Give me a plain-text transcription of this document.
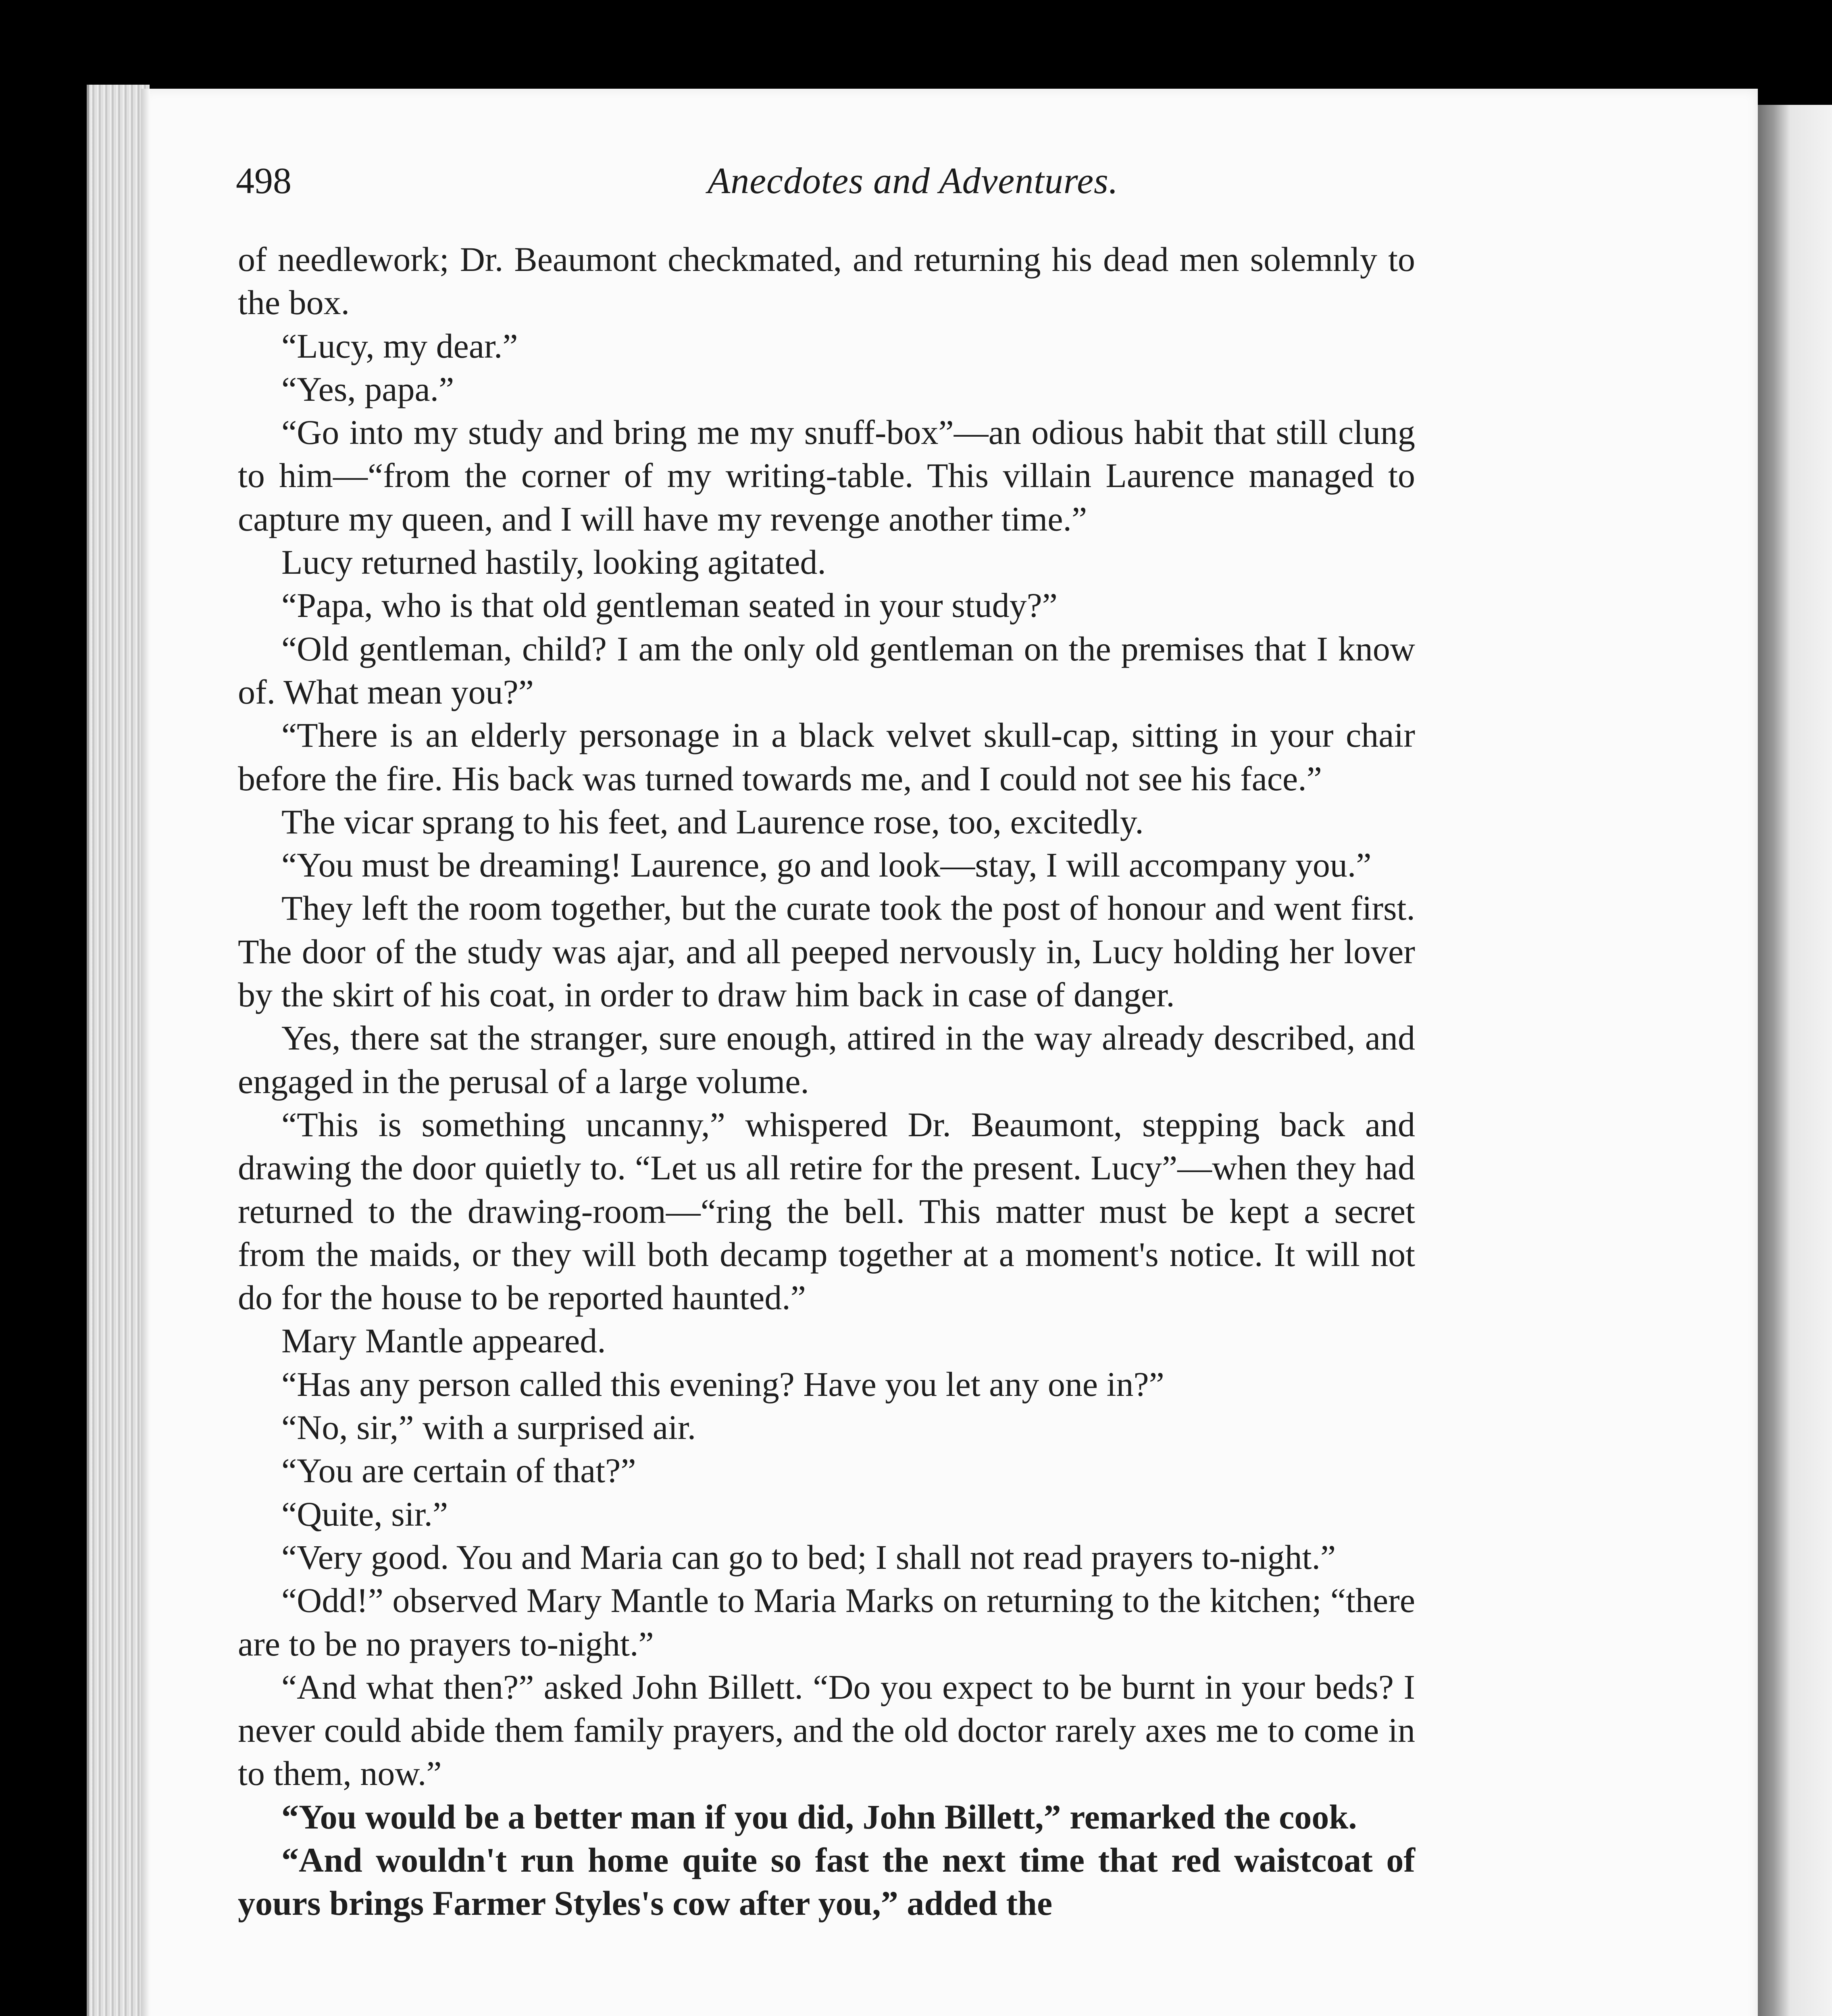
498	Anecdotes and Adventures.

of needlework; Dr. Beaumont checkmated, and returning his dead men solemnly to the box.

“Lucy, my dear.”

“Yes, papa.”

“Go into my study and bring me my snuff-box”—an odious habit that still clung to him—“from the corner of my writing-table. This villain Laurence managed to capture my queen, and I will have my revenge another time.”

Lucy returned hastily, looking agitated.

“Papa, who is that old gentleman seated in your study?”

“Old gentleman, child? I am the only old gentleman on the premises that I know of. What mean you?”

“There is an elderly personage in a black velvet skull-cap, sitting in your chair before the fire. His back was turned towards me, and I could not see his face.”

The vicar sprang to his feet, and Laurence rose, too, excitedly.

“You must be dreaming! Laurence, go and look—stay, I will accompany you.”

They left the room together, but the curate took the post of honour and went first. The door of the study was ajar, and all peeped nervously in, Lucy holding her lover by the skirt of his coat, in order to draw him back in case of danger.

Yes, there sat the stranger, sure enough, attired in the way already described, and engaged in the perusal of a large volume.

“This is something uncanny,” whispered Dr. Beaumont, stepping back and drawing the door quietly to. “Let us all retire for the present. Lucy”—when they had returned to the drawing-room—“ring the bell. This matter must be kept a secret from the maids, or they will both decamp together at a moment's notice. It will not do for the house to be reported haunted.”

Mary Mantle appeared.

“Has any person called this evening? Have you let any one in?”

“No, sir,” with a surprised air.

“You are certain of that?”

“Quite, sir.”

“Very good. You and Maria can go to bed; I shall not read prayers to-night.”

“Odd!” observed Mary Mantle to Maria Marks on returning to the kitchen; “there are to be no prayers to-night.”

“And what then?” asked John Billett. “Do you expect to be burnt in your beds? I never could abide them family prayers, and the old doctor rarely axes me to come in to them, now.”

“You would be a better man if you did, John Billett,” remarked the cook.

“And wouldn't run home quite so fast the next time that red waistcoat of yours brings Farmer Styles's cow after you,” added the
